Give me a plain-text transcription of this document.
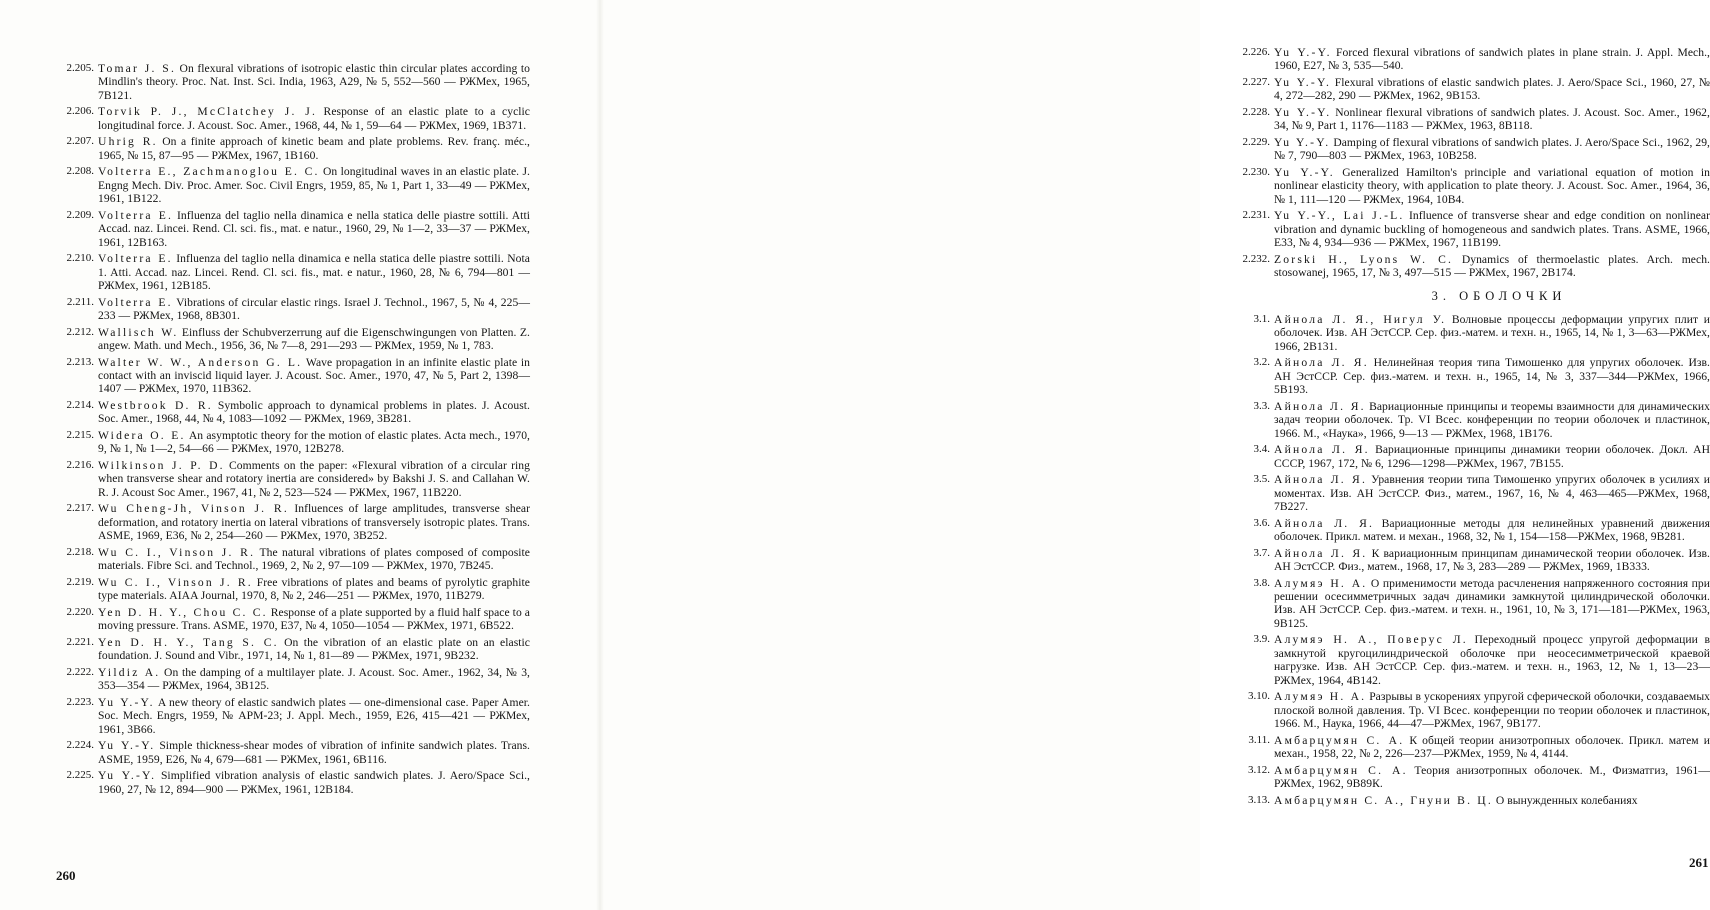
2.205. Tomar J. S. On flexural vibrations of isotropic elastic thin circular plates according to Mindlin's theory. Proc. Nat. Inst. Sci. India, 1963, A29, № 5, 552—560 — РЖМех, 1965, 7В121.
2.206. Torvik P. J., McClatchey J. J. Response of an elastic plate to a cyclic longitudinal force. J. Acoust. Soc. Amer., 1968, 44, № 1, 59—64 — РЖМех, 1969, 1В371.
2.207. Uhrig R. On a finite approach of kinetic beam and plate problems. Rev. franç. méc., 1965, № 15, 87—95 — РЖМех, 1967, 1В160.
2.208. Volterra E., Zachmanoglou E. C. On longitudinal waves in an elastic plate. J. Engng Mech. Div. Proc. Amer. Soc. Civil Engrs, 1959, 85, № 1, Part 1, 33—49 — РЖМех, 1961, 1В122.
2.209. Volterra E. Influenza del taglio nella dinamica e nella statica delle piastre sottili. Atti Accad. naz. Lincei. Rend. Cl. sci. fis., mat. e natur., 1960, 29, № 1—2, 33—37 — РЖМех, 1961, 12В163.
2.210. Volterra E. Influenza del taglio nella dinamica e nella statica delle piastre sottili. Nota 1. Atti. Accad. naz. Lincei. Rend. Cl. sci. fis., mat. e natur., 1960, 28, № 6, 794—801 — РЖМех, 1961, 12В185.
2.211. Volterra E. Vibrations of circular elastic rings. Israel J. Technol., 1967, 5, № 4, 225—233 — РЖМех, 1968, 8В301.
2.212. Wallisch W. Einfluss der Schubverzerrung auf die Eigenschwingungen von Platten. Z. angew. Math. und Mech., 1956, 36, № 7—8, 291—293 — РЖМех, 1959, № 1, 783.
2.213. Walter W. W., Anderson G. L. Wave propagation in an infinite elastic plate in contact with an inviscid liquid layer. J. Acoust. Soc. Amer., 1970, 47, № 5, Part 2, 1398—1407 — РЖМех, 1970, 11В362.
2.214. Westbrook D. R. Symbolic approach to dynamical problems in plates. J. Acoust. Soc. Amer., 1968, 44, № 4, 1083—1092 — РЖМех, 1969, 3В281.
2.215. Widera O. E. An asymptotic theory for the motion of elastic plates. Acta mech., 1970, 9, № 1, № 1—2, 54—66 — РЖМех, 1970, 12В278.
2.216. Wilkinson J. P. D. Comments on the paper: «Flexural vibration of a circular ring when transverse shear and rotatory inertia are considered» by Bakshi J. S. and Callahan W. R. J. Acoust Soc Amer., 1967, 41, № 2, 523—524 — РЖМех, 1967, 11В220.
2.217. Wu Cheng-Jh, Vinson J. R. Influences of large amplitudes, transverse shear deformation, and rotatory inertia on lateral vibrations of transversely isotropic plates. Trans. ASME, 1969, E36, № 2, 254—260 — РЖМех, 1970, 3В252.
2.218. Wu C. I., Vinson J. R. The natural vibrations of plates composed of composite materials. Fibre Sci. and Technol., 1969, 2, № 2, 97—109 — РЖМех, 1970, 7В245.
2.219. Wu C. I., Vinson J. R. Free vibrations of plates and beams of pyrolytic graphite type materials. AIAA Journal, 1970, 8, № 2, 246—251 — РЖМех, 1970, 11В279.
2.220. Yen D. H. Y., Chou C. C. Response of a plate supported by a fluid half space to a moving pressure. Trans. ASME, 1970, E37, № 4, 1050—1054 — РЖМех, 1971, 6В522.
2.221. Yen D. H. Y., Tang S. C. On the vibration of an elastic plate on an elastic foundation. J. Sound and Vibr., 1971, 14, № 1, 81—89 — РЖМех, 1971, 9В232.
2.222. Yildiz A. On the damping of a multilayer plate. J. Acoust. Soc. Amer., 1962, 34, № 3, 353—354 — РЖМех, 1964, 3В125.
2.223. Yu Y.-Y. A new theory of elastic sandwich plates — one-dimensional case. Paper Amer. Soc. Mech. Engrs, 1959, № APM-23; J. Appl. Mech., 1959, E26, 415—421 — РЖМех, 1961, 3В66.
2.224. Yu Y.-Y. Simple thickness-shear modes of vibration of infinite sandwich plates. Trans. ASME, 1959, E26, № 4, 679—681 — РЖМех, 1961, 6В116.
2.225. Yu Y.-Y. Simplified vibration analysis of elastic sandwich plates. J. Aero/Space Sci., 1960, 27, № 12, 894—900 — РЖМех, 1961, 12В184.
260
2.226. Yu Y.-Y. Forced flexural vibrations of sandwich plates in plane strain. J. Appl. Mech., 1960, E27, № 3, 535—540.
2.227. Yu Y.-Y. Flexural vibrations of elastic sandwich plates. J. Aero/Space Sci., 1960, 27, № 4, 272—282, 290 — РЖМех, 1962, 9В153.
2.228. Yu Y.-Y. Nonlinear flexural vibrations of sandwich plates. J. Acoust. Soc. Amer., 1962, 34, № 9, Part 1, 1176—1183 — РЖМех, 1963, 8В118.
2.229. Yu Y.-Y. Damping of flexural vibrations of sandwich plates. J. Aero/Space Sci., 1962, 29, № 7, 790—803 — РЖМех, 1963, 10В258.
2.230. Yu Y.-Y. Generalized Hamilton's principle and variational equation of motion in nonlinear elasticity theory, with application to plate theory. J. Acoust. Soc. Amer., 1964, 36, № 1, 111—120 — РЖМех, 1964, 10В4.
2.231. Yu Y.-Y., Lai J.-L. Influence of transverse shear and edge condition on nonlinear vibration and dynamic buckling of homogeneous and sandwich plates. Trans. ASME, 1966, E33, № 4, 934—936 — РЖМех, 1967, 11В199.
2.232. Zorski H., Lyons W. C. Dynamics of thermoelastic plates. Arch. mech. stosowanej, 1965, 17, № 3, 497—515 — РЖМех, 1967, 2В174.
3. ОБОЛОЧКИ
3.1. Айнола Л. Я., Нигул У. Волновые процессы деформации упругих плит и оболочек. Изв. АН ЭстССР. Сер. физ.-матем. и техн. н., 1965, 14, № 1, 3—63—РЖМех, 1966, 2В131.
3.2. Айнола Л. Я. Нелинейная теория типа Тимошенко для упругих оболочек. Изв. АН ЭстССР. Сер. физ.-матем. и техн. н., 1965, 14, № 3, 337—344—РЖМех, 1966, 5В193.
3.3. Айнола Л. Я. Вариационные принципы и теоремы взаимности для динамических задач теории оболочек. Тр. VI Всес. конференции по теории оболочек и пластинок, 1966. М., «Наука», 1966, 9—13 — РЖМех, 1968, 1В176.
3.4. Айнола Л. Я. Вариационные принципы динамики теории оболочек. Докл. АН СССР, 1967, 172, № 6, 1296—1298—РЖМех, 1967, 7В155.
3.5. Айнола Л. Я. Уравнения теории типа Тимошенко упругих оболочек в усилиях и моментах. Изв. АН ЭстССР. Физ., матем., 1967, 16, № 4, 463—465—РЖМех, 1968, 7В227.
3.6. Айнола Л. Я. Вариационные методы для нелинейных уравнений движения оболочек. Прикл. матем. и механ., 1968, 32, № 1, 154—158—РЖМех, 1968, 9В281.
3.7. Айнола Л. Я. К вариационным принципам динамической теории оболочек. Изв. АН ЭстССР. Физ., матем., 1968, 17, № 3, 283—289 — РЖМех, 1969, 1В333.
3.8. Алумяэ Н. А. О применимости метода расчленения напряженного состояния при решении осесимметричных задач динамики замкнутой цилиндрической оболочки. Изв. АН ЭстССР. Сер. физ.-матем. и техн. н., 1961, 10, № 3, 171—181—РЖМех, 1963, 9В125.
3.9. Алумяэ Н. А., Поверус Л. Переходный процесс упругой деформации в замкнутой кругоцилиндрической оболочке при неосесимметрической краевой нагрузке. Изв. АН ЭстССР. Сер. физ.-матем. и техн. н., 1963, 12, № 1, 13—23—РЖМех, 1964, 4В142.
3.10. Алумяэ Н. А. Разрывы в ускорениях упругой сферической оболочки, создаваемых плоской волной давления. Тр. VI Всес. конференции по теории оболочек и пластинок, 1966. М., Наука, 1966, 44—47—РЖМех, 1967, 9В177.
3.11. Амбарцумян С. А. К общей теории анизотропных оболочек. Прикл. матем и механ., 1958, 22, № 2, 226—237—РЖМех, 1959, № 4, 4144.
3.12. Амбарцумян С. А. Теория анизотропных оболочек. М., Физматгиз, 1961—РЖМех, 1962, 9В89К.
3.13. Амбарцумян С. А., Гнуни В. Ц. О вынужденных колебаниях
261
